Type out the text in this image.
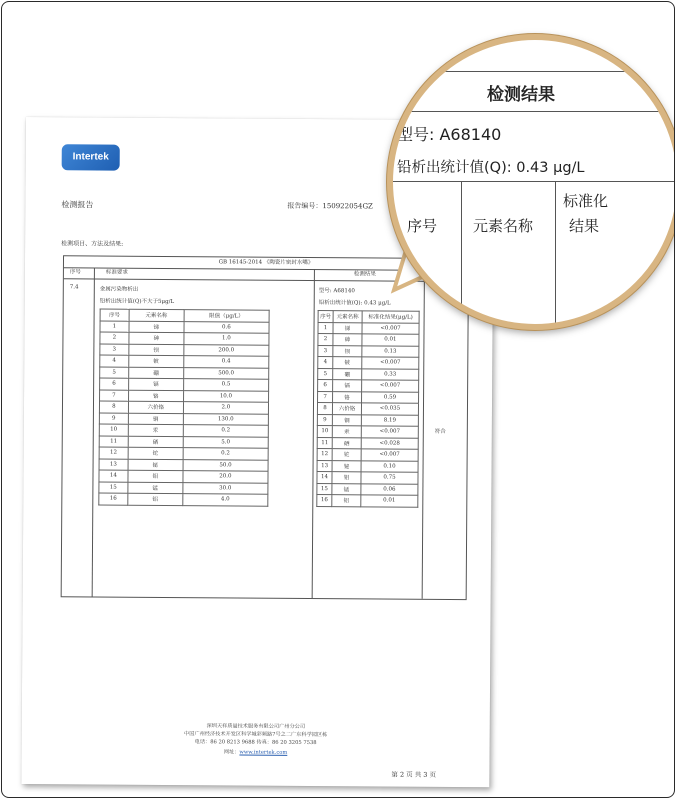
Intertek
检测报告	报告编号：150922054GZ
检测项目、方法及结果:
GB 16145-2014 《陶瓷片密封水嘴》
序号	标准要求	检测结果
7.4	金属污染物析出
铅析出统计值(Q)不大于5μg/L
序号	元素名称	限值（μg/L）
1	锑	0.6
2	砷	1.0
3	钡	200.0
4	铍	0.4
5	硼	500.0
6	镉	0.5
7	铬	10.0
8	六价铬	2.0
9	铜	130.0
10	汞	0.2
11	硒	5.0
12	铊	0.2
13	铋	50.0
14	钼	20.0
15	锰	30.0
16	铝	4.0
型号: A68140
铅析出统计值(Q): 0.43 μg/L
序号	元素名称	标准化结果(μg/L)
1	锑	<0.007
2	砷	0.01
3	钡	0.13
4	铍	<0.007
5	硼	0.33
6	镉	<0.007
7	铬	0.59
8	六价铬	<0.035
9	铜	8.19
10	汞	<0.007
11	硒	<0.028
12	铊	<0.007
13	铋	0.10
14	钼	0.75
15	锰	0.06
16	铝	0.01
符合
深圳天祥质量技术服务有限公司广州分公司
中国广州经济技术开发区科学城彩频路7号之二广东科学园区栋
电话：86 20 8213 9688 传真：86 20 3205 7538
网址：www.intertek.com
第 2 页 共 3 页
检测结果
型号: A68140
铅析出统计值(Q): 0.43 μg/L
序号 元素名称
标准化
结果
